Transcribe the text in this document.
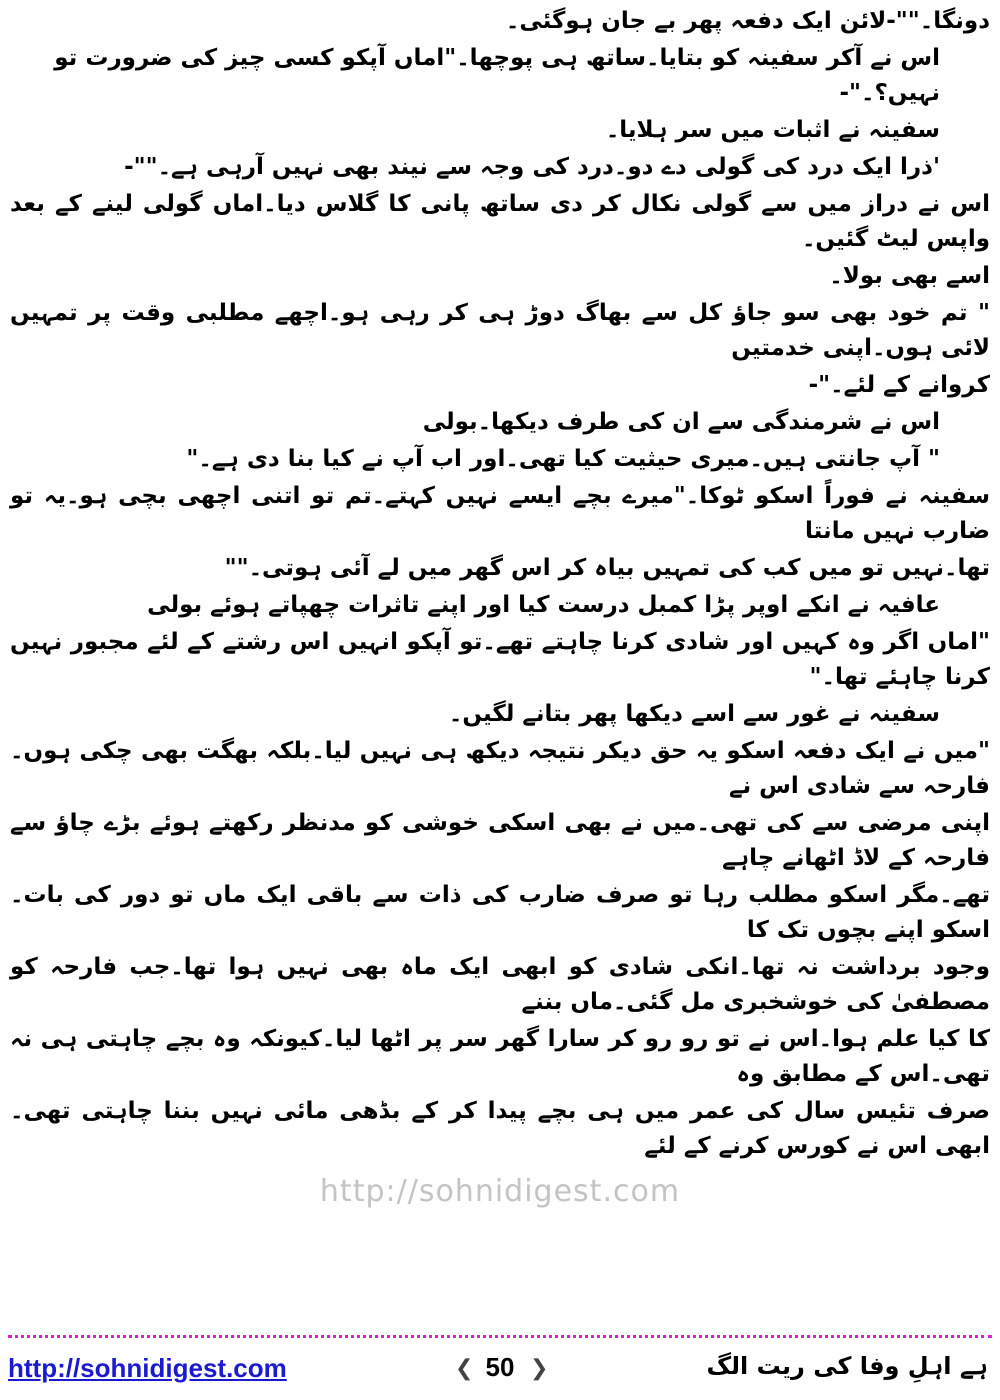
دونگا۔""-لائن ایک دفعہ پھر بے جان ہوگئی۔
اس نے آکر سفینہ کو بتایا۔ساتھ ہی پوچھا۔"اماں آپکو کسی چیز کی ضرورت تو نہیں؟۔"-
سفینہ نے اثبات میں سر ہلایا۔
'ذرا ایک درد کی گولی دے دو۔درد کی وجہ سے نیند بھی نہیں آرہی ہے۔""-
اس نے دراز میں سے گولی نکال کر دی ساتھ پانی کا گلاس دیا۔اماں گولی لینے کے بعد واپس لیٹ گئیں۔
اسے بھی بولا۔
" تم خود بھی سو جاؤ کل سے بھاگ دوڑ ہی کر رہی ہو۔اچھے مطلبی وقت پر تمہیں لائی ہوں۔اپنی خدمتیں
کروانے کے لئے۔"-
اس نے شرمندگی سے ان کی طرف دیکھا۔بولی
" آپ جانتی ہیں۔میری حیثیت کیا تھی۔اور اب آپ نے کیا بنا دی ہے۔"
سفینہ نے فوراً اسکو ٹوکا۔"میرے بچے ایسے نہیں کہتے۔تم تو اتنی اچھی بچی ہو۔یہ تو ضارب نہیں مانتا
تھا۔نہیں تو میں کب کی تمہیں بیاہ کر اس گھر میں لے آئی ہوتی۔""
عافیہ نے انکے اوپر پڑا کمبل درست کیا اور اپنے تاثرات چھپاتے ہوئے بولی
"اماں اگر وہ کہیں اور شادی کرنا چاہتے تھے۔تو آپکو انہیں اس رشتے کے لئے مجبور نہیں کرنا چاہئے تھا۔"
سفینہ نے غور سے اسے دیکھا پھر بتانے لگیں۔
"میں نے ایک دفعہ اسکو یہ حق دیکر نتیجہ دیکھ ہی نہیں لیا۔بلکہ بھگت بھی چکی ہوں۔فارحہ سے شادی اس نے
اپنی مرضی سے کی تھی۔میں نے بھی اسکی خوشی کو مدنظر رکھتے ہوئے بڑے چاؤ سے فارحہ کے لاڈ اٹھانے چاہے
تھے۔مگر اسکو مطلب رہا تو صرف ضارب کی ذات سے باقی ایک ماں تو دور کی بات۔اسکو اپنے بچوں تک کا
وجود برداشت نہ تھا۔انکی شادی کو ابھی ایک ماہ بھی نہیں ہوا تھا۔جب فارحہ کو مصطفیٰ کی خوشخبری مل گئی۔ماں بننے
کا کیا علم ہوا۔اس نے تو رو رو کر سارا گھر سر پر اٹھا لیا۔کیونکہ وہ بچے چاہتی ہی نہ تھی۔اس کے مطابق وہ
صرف تئیس سال کی عمر میں ہی بچے پیدا کر کے بڈھی مائی نہیں بننا چاہتی تھی۔ابھی اس نے کورس کرنے کے لئے
http://sohnidigest.com
http://sohnidigest.com	❮ 50 ❯	ہے اہلِ وفا کی ریت الگ
